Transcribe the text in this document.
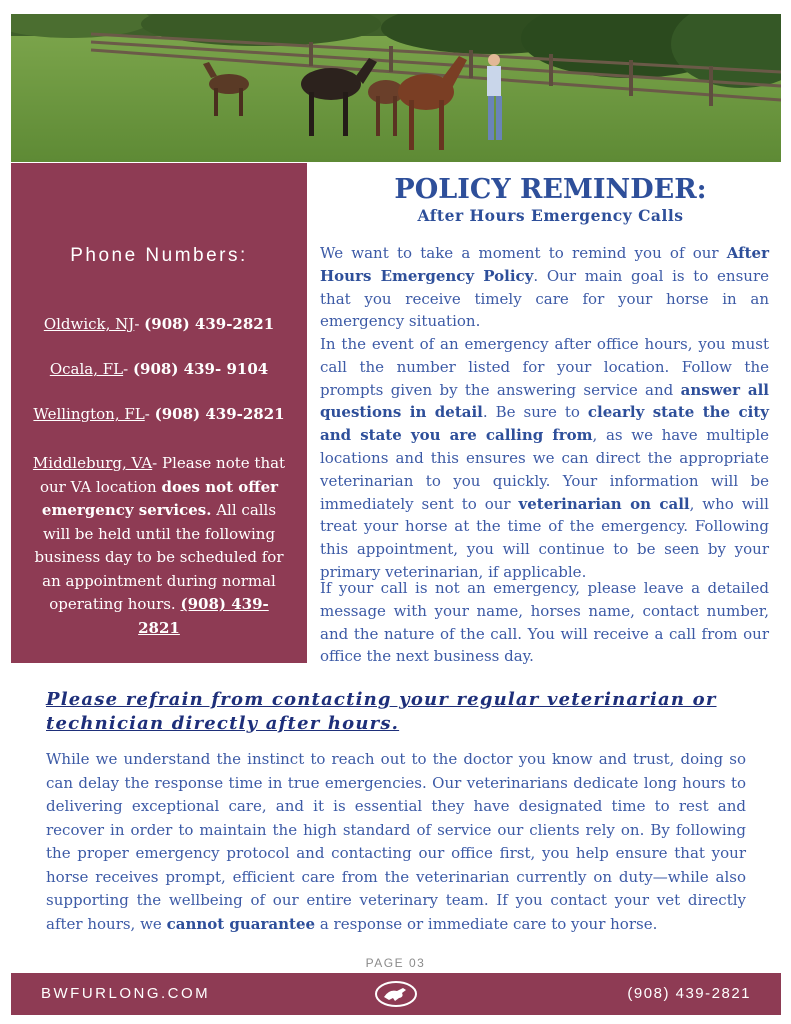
Phone Numbers:
Oldwick, NJ- (908) 439-2821
Ocala, FL- (908) 439- 9104
Wellington, FL- (908) 439-2821
Middleburg, VA- Please note that our VA location does not offer emergency services. All calls will be held until the following business day to be scheduled for an appointment during normal operating hours. (908) 439-2821
POLICY REMINDER:
After Hours Emergency Calls

We want to take a moment to remind you of our After Hours Emergency Policy. Our main goal is to ensure that you receive timely care for your horse in an emergency situation.

In the event of an emergency after office hours, you must call the number listed for your location. Follow the prompts given by the answering service and answer all questions in detail. Be sure to clearly state the city and state you are calling from, as we have multiple locations and this ensures we can direct the appropriate veterinarian to you quickly. Your information will be immediately sent to our veterinarian on call, who will treat your horse at the time of the emergency. Following this appointment, you will continue to be seen by your primary veterinarian, if applicable.

If your call is not an emergency, please leave a detailed message with your name, horses name, contact number, and the nature of the call. You will receive a call from our office the next business day.

Please refrain from contacting your regular veterinarian or technician directly after hours.

While we understand the instinct to reach out to the doctor you know and trust, doing so can delay the response time in true emergencies. Our veterinarians dedicate long hours to delivering exceptional care, and it is essential they have designated time to rest and recover in order to maintain the high standard of service our clients rely on. By following the proper emergency protocol and contacting our office first, you help ensure that your horse receives prompt, efficient care from the veterinarian currently on duty—while also supporting the wellbeing of our entire veterinary team. If you contact your vet directly after hours, we cannot guarantee a response or immediate care to your horse.

PAGE 03
BWFURLONG.COM	(908) 439-2821
